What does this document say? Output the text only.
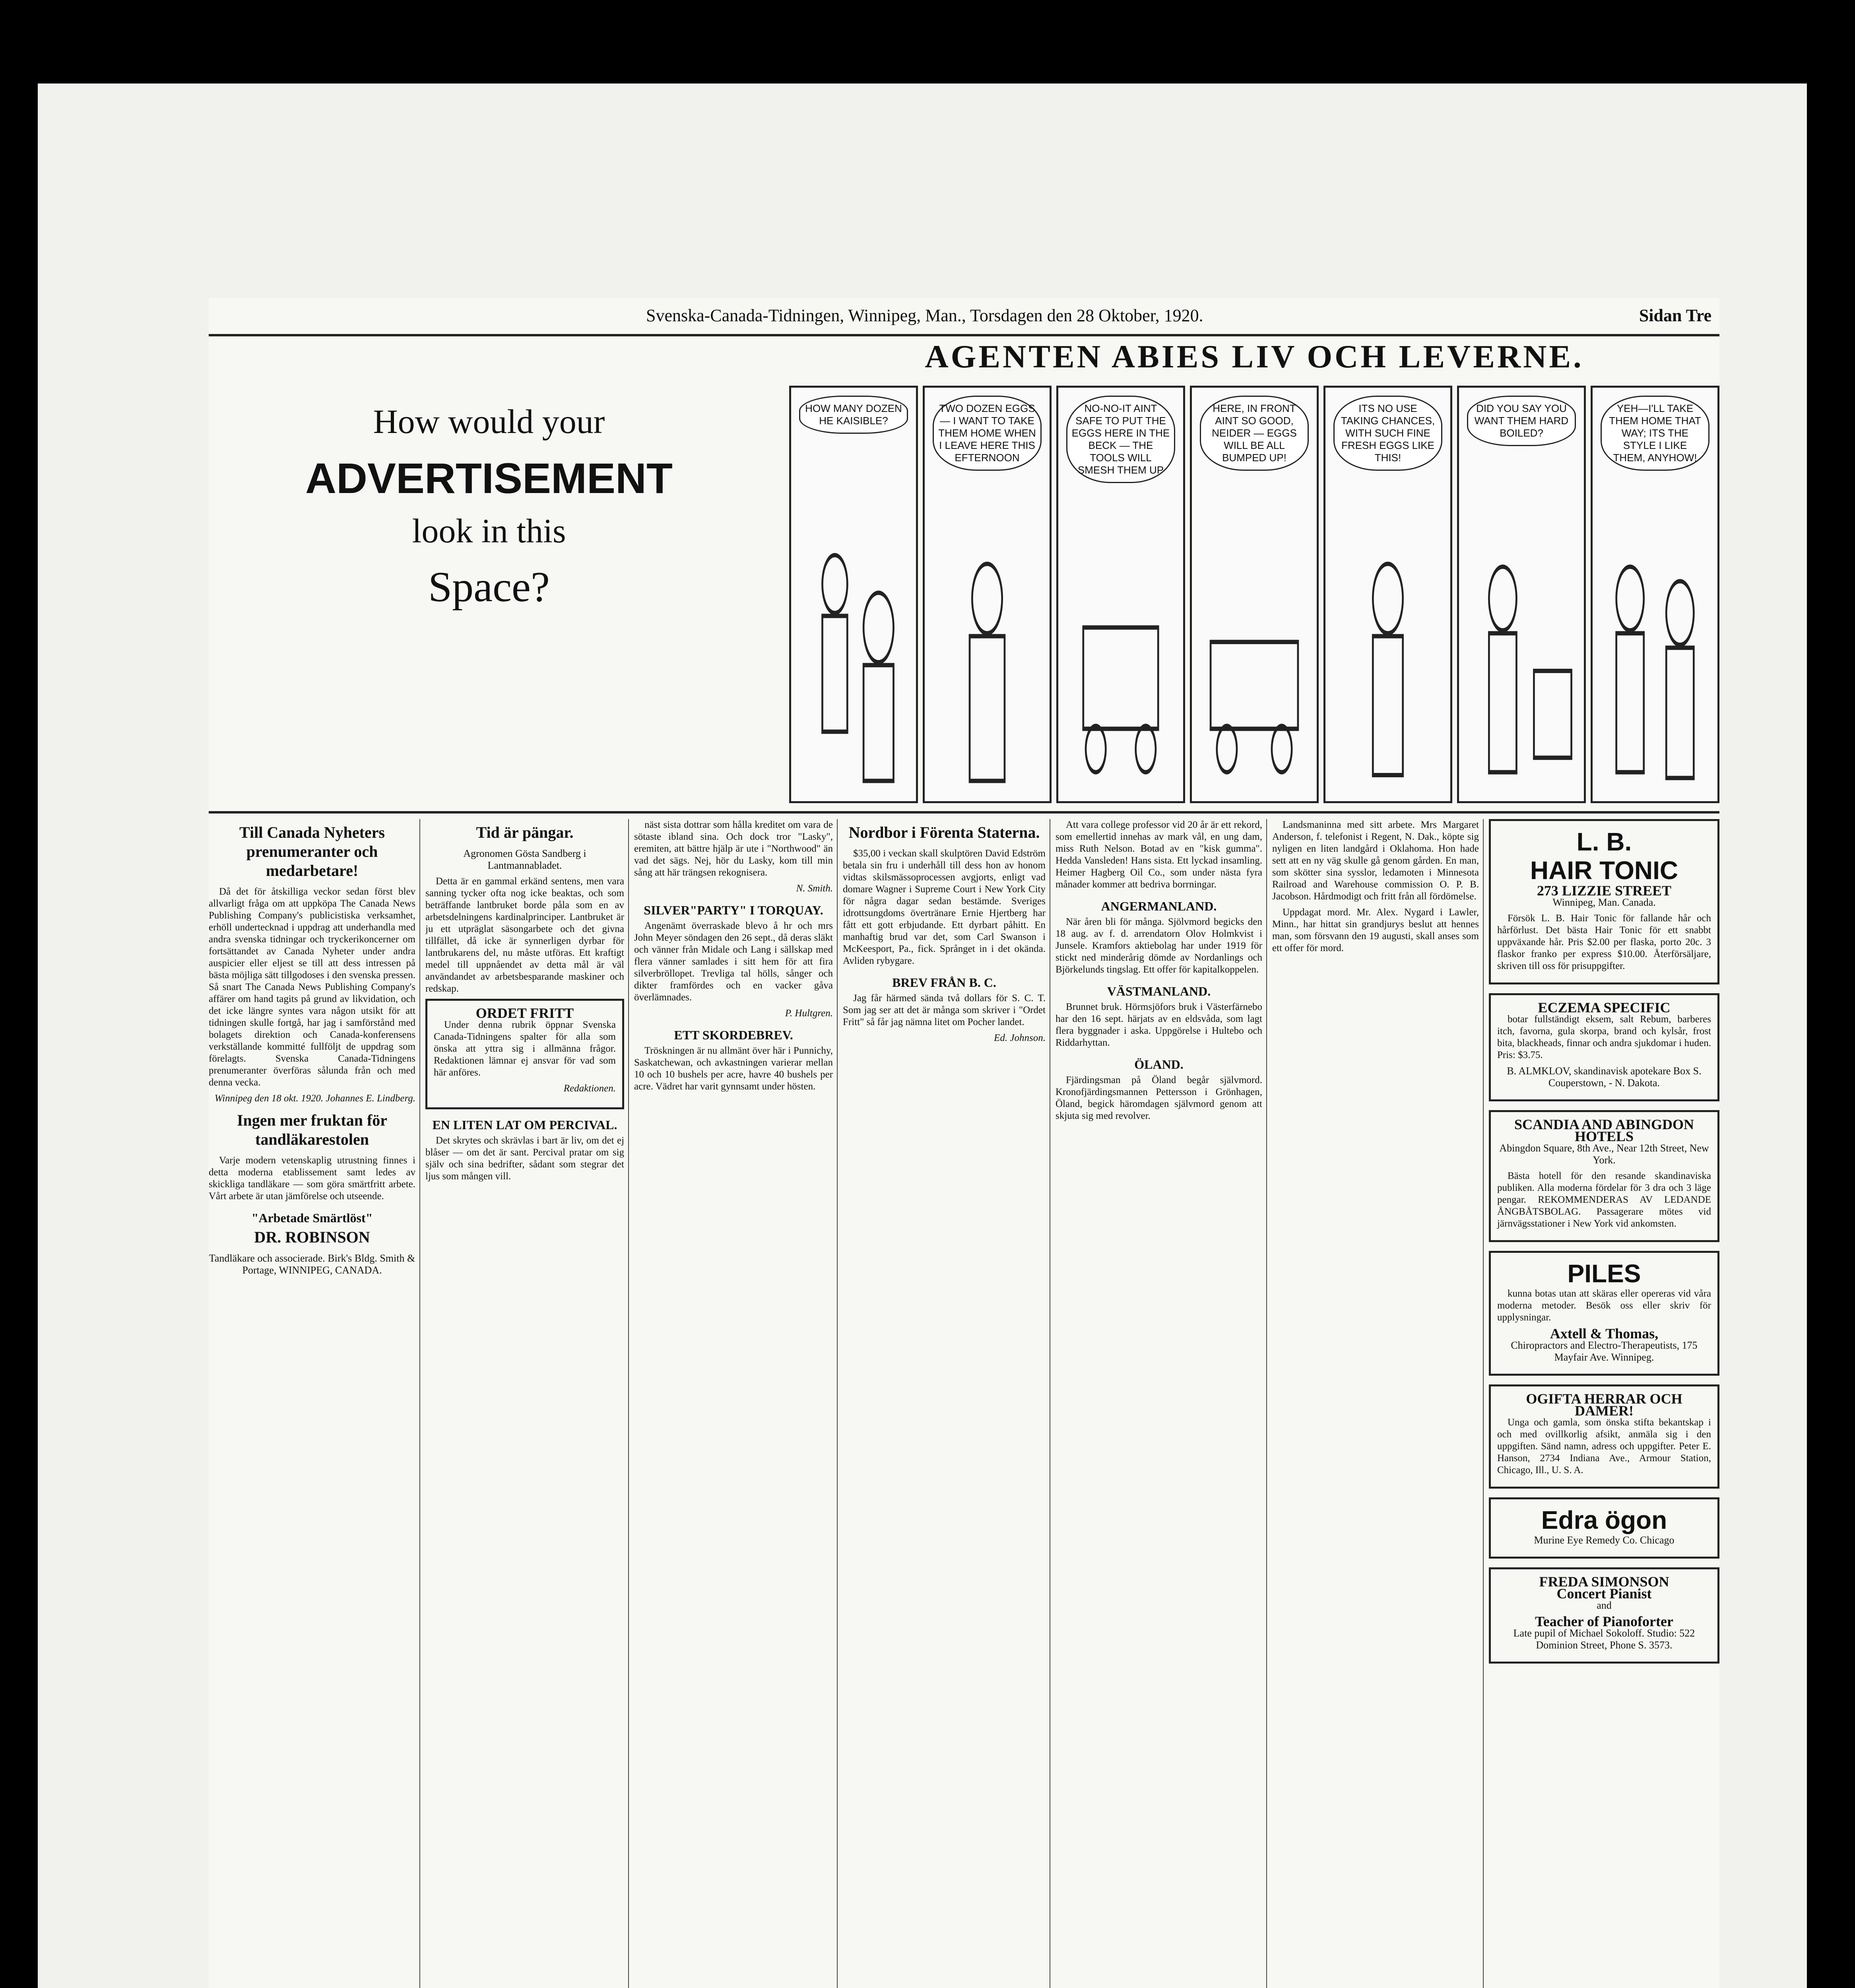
Svenska-Canada-Tidningen, Winnipeg, Man., Torsdagen den 28 Oktober, 1920.	Sidan Tre
How would your
ADVERTISEMENT
look in this
Space?
AGENTEN ABIES LIV OCH LEVERNE.
HOW MANY DOZEN HE KAISIBLE?
TWO DOZEN EGGS — I WANT TO TAKE THEM HOME WHEN I LEAVE HERE THIS EFTERNOON
NO-NO-IT AINT SAFE TO PUT THE EGGS HERE IN THE BECK — THE TOOLS WILL SMESH THEM UP
HERE, IN FRONT AINT SO GOOD, NEIDER — EGGS WILL BE ALL BUMPED UP!
ITS NO USE TAKING CHANCES, WITH SUCH FINE FRESH EGGS LIKE THIS!
DID YOU SAY YOU WANT THEM HARD BOILED?
YEH—I'LL TAKE THEM HOME THAT WAY; ITS THE STYLE I LIKE THEM, ANYHOW!
Till Canada Nyheters prenumeranter och medarbetare!

Då det för åtskilliga veckor sedan först blev allvarligt fråga om att uppköpa The Canada News Publishing Company's publicistiska verksamhet, erhöll undertecknad i uppdrag att underhandla med andra svenska tidningar och tryckerikoncerner om fortsättandet av Canada Nyheter under andra auspicier eller eljest se till att dess intressen på bästa möjliga sätt tillgodoses i den svenska pressen. Så snart The Canada News Publishing Company's affärer om hand tagits på grund av likvidation, och det icke längre syntes vara någon utsikt för att tidningen skulle fortgå, har jag i samförstånd med bolagets direktion och Canada-konferensens verkställande kommitté fullföljt de uppdrag som förelagts. Svenska Canada-Tidningens prenumeranter överföras sålunda från och med denna vecka.

Winnipeg den 18 okt. 1920. Johannes E. Lindberg.
Ingen mer fruktan för tandläkarestolen

Varje modern vetenskaplig utrustning finnes i detta moderna etablissement samt ledes av skickliga tandläkare — som göra smärtfritt arbete. Vårt arbete är utan jämförelse och utseende.

"Arbetade Smärtlöst"
DR. ROBINSON
Tandläkare och associerade. Birk's Bldg. Smith & Portage, WINNIPEG, CANADA.
Tid är pängar.
Agronomen Gösta Sandberg i Lantmannabladet.

Detta är en gammal erkänd sentens, men vara sanning tycker ofta nog icke beaktas, och som beträffande lantbruket borde påla som en av arbetsdelningens kardinalprinciper. Lantbruket är ju ett utpräglat säsongarbete och det givna tillfället, då icke är synnerligen dyrbar för lantbrukarens del, nu måste utföras. Ett kraftigt medel till uppnåendet av detta mål är väl användandet av arbetsbesparande maskiner och redskap.

ORDET FRITT

Under denna rubrik öppnar Svenska Canada-Tidningens spalter för alla som önska att yttra sig i allmänna frågor. Redaktionen lämnar ej ansvar för vad som här anföres.

Redaktionen.
EN LITEN LAT OM PERCIVAL.

Det skrytes och skrävlas i bart är liv, om det ej blåser — om det är sant. Percival pratar om sig själv och sina bedrifter, sådant som stegrar det ljus som mången vill.

näst sista dottrar som hålla kreditet om vara de sötaste ibland sina. Och dock tror "Lasky", eremiten, att bättre hjälp är ute i "Northwood" än vad det sägs. Nej, hör du Lasky, kom till min sång att här trängsen rekognisera.

N. Smith.
SILVER"PARTY" I TORQUAY.

Angenämt överraskade blevo å hr och mrs John Meyer söndagen den 26 sept., då deras släkt och vänner från Midale och Lang i sällskap med flera vänner samlades i sitt hem för att fira silverbröllopet. Trevliga tal hölls, sånger och dikter framfördes och en vacker gåva överlämnades.

P. Hultgren.
ETT SKORDEBREV.

Tröskningen är nu allmänt över här i Punnichy, Saskatchewan, och avkastningen varierar mellan 10 och 10 bushels per acre, havre 40 bushels per acre. Vädret har varit gynnsamt under hösten.

Nordbor i Förenta Staterna.

$35,00 i veckan skall skulptören David Edström betala sin fru i underhåll till dess hon av honom vidtas skilsmässoprocessen avgjorts, enligt vad domare Wagner i Supreme Court i New York City för några dagar sedan bestämde. Sveriges idrottsungdoms övertränare Ernie Hjertberg har fått ett gott erbjudande. Ett dyrbart påhitt. En manhaftig brud var det, som Carl Swanson i McKeesport, Pa., fick. Språnget in i det okända. Avliden rybygare.

BREV FRÅN B. C.

Jag får härmed sända två dollars för S. C. T. Som jag ser att det är många som skriver i "Ordet Fritt" så får jag nämna litet om Pocher landet.

Ed. Johnson.

Att vara college professor vid 20 år är ett rekord, som emellertid innehas av mark vål, en ung dam, miss Ruth Nelson. Botad av en "kisk gumma". Hedda Vansleden! Hans sista. Ett lyckad insamling. Heimer Hagberg Oil Co., som under nästa fyra månader kommer att bedriva borrningar.

ANGERMANLAND.

När åren bli för många. Sjölvmord begicks den 18 aug. av f. d. arrendatorn Olov Holmkvist i Junsele. Kramfors aktiebolag har under 1919 för stickt ned minderårig dömde av Nordanlings och Björkelunds tingslag. Ett offer för kapitalkoppelen.

VÄSTMANLAND.

Brunnet bruk. Hörmsjöfors bruk i Västerfärnebo har den 16 sept. härjats av en eldsvåda, som lagt flera byggnader i aska. Uppgörelse i Hultebo och Riddarhyttan.

ÖLAND.

Fjärdingsman på Öland begår självmord. Kronofjärdingsmannen Pettersson i Grönhagen, Öland, begick häromdagen självmord genom att skjuta sig med revolver.

Landsmaninna med sitt arbete. Mrs Margaret Anderson, f. telefonist i Regent, N. Dak., köpte sig nyligen en liten landgård i Oklahoma. Hon hade sett att en ny väg skulle gå genom gården. En man, som skötter sina sysslor, ledamoten i Minnesota Railroad and Warehouse commission O. P. B. Jacobson. Hårdmodigt och fritt från all fördömelse.

Uppdagat mord. Mr. Alex. Nygard i Lawler, Minn., har hittat sin grandjurys beslut att hennes man, som försvann den 19 augusti, skall anses som ett offer för mord.

L. B.
HAIR TONIC
273 LIZZIE STREET
Winnipeg, Man. Canada.

Försök L. B. Hair Tonic för fallande hår och hårförlust. Det bästa Hair Tonic för ett snabbt uppväxande hår. Pris $2.00 per flaska, porto 20c. 3 flaskor franko per express $10.00. Återförsäljare, skriven till oss för prisuppgifter.

ECZEMA SPECIFIC

botar fullständigt eksem, salt Rebum, barberes itch, favorna, gula skorpa, brand och kylsår, frost bita, blackheads, finnar och andra sjukdomar i huden. Pris: $3.75.

B. ALMKLOV, skandinavisk apotekare Box S. Couperstown, - N. Dakota.
SCANDIA AND ABINGDON HOTELS
Abingdon Square, 8th Ave., Near 12th Street, New York.

Bästa hotell för den resande skandinaviska publiken. Alla moderna fördelar för 3 dra och 3 läge pengar. REKOMMENDERAS AV LEDANDE ÅNGBÅTSBOLAG. Passagerare mötes vid järnvägsstationer i New York vid ankomsten.

PILES

kunna botas utan att skäras eller opereras vid våra moderna metoder. Besök oss eller skriv för upplysningar.

Axtell & Thomas,
Chiropractors and Electro-Therapeutists, 175 Mayfair Ave. Winnipeg.
OGIFTA HERRAR OCH DAMER!

Unga och gamla, som önska stifta bekantskap i och med ovillkorlig afsikt, anmäla sig i den uppgiften. Sänd namn, adress och uppgifter. Peter E. Hanson, 2734 Indiana Ave., Armour Station, Chicago, Ill., U. S. A.

Edra ögon
Murine Eye Remedy Co. Chicago
FREDA SIMONSON
Concert Pianist
and
Teacher of Pianoforter
Late pupil of Michael Sokoloff. Studio: 522 Dominion Street, Phone S. 3573.
